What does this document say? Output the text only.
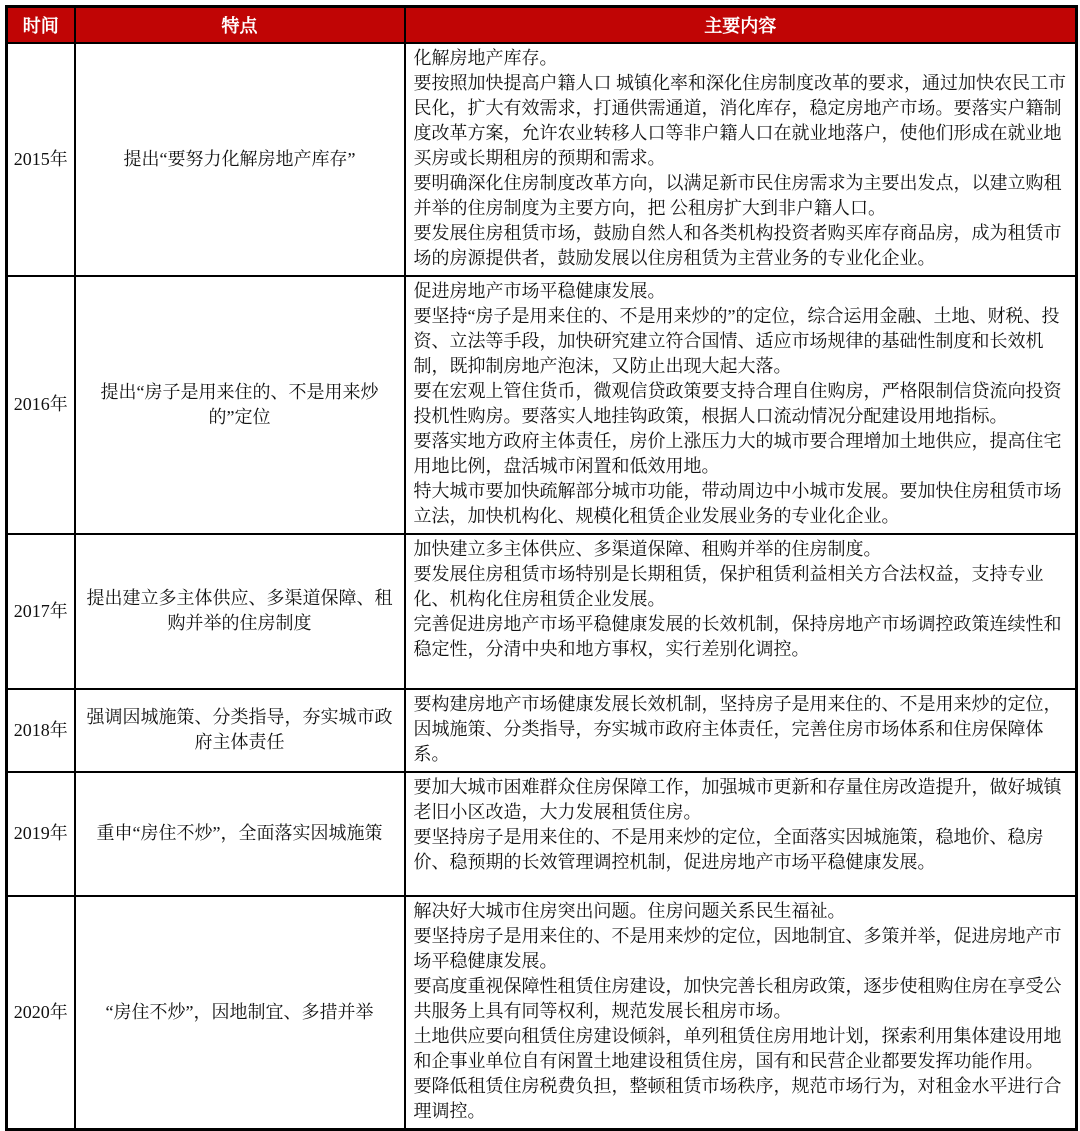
时间	特点	主要内容
2015年	提出“要努力化解房地产库存”	化解房地产库存。

要按照加快提高户籍人口 城镇化率和深化住房制度改革的要求，通过加快农民工市民化，扩大有效需求，打通供需通道，消化库存，稳定房地产市场。要落实户籍制度改革方案，允许农业转移人口等非户籍人口在就业地落户，使他们形成在就业地买房或长期租房的预期和需求。

要明确深化住房制度改革方向，以满足新市民住房需求为主要出发点，以建立购租并举的住房制度为主要方向，把 公租房扩大到非户籍人口。

要发展住房租赁市场，鼓励自然人和各类机构投资者购买库存商品房，成为租赁市场的房源提供者，鼓励发展以住房租赁为主营业务的专业化企业。

2016年	提出“房子是用来住的、不是用来炒的”定位	促进房地产市场平稳健康发展。

要坚持“房子是用来住的、不是用来炒的”的定位，综合运用金融、土地、财税、投资、立法等手段，加快研究建立符合国情、适应市场规律的基础性制度和长效机制，既抑制房地产泡沫，又防止出现大起大落。

要在宏观上管住货币，微观信贷政策要支持合理自住购房，严格限制信贷流向投资投机性购房。要落实人地挂钩政策，根据人口流动情况分配建设用地指标。

要落实地方政府主体责任，房价上涨压力大的城市要合理增加土地供应，提高住宅用地比例，盘活城市闲置和低效用地。

特大城市要加快疏解部分城市功能，带动周边中小城市发展。要加快住房租赁市场立法，加快机构化、规模化租赁企业发展业务的专业化企业。

2017年	提出建立多主体供应、多渠道保障、租购并举的住房制度	加快建立多主体供应、多渠道保障、租购并举的住房制度。

要发展住房租赁市场特别是长期租赁，保护租赁利益相关方合法权益，支持专业化、机构化住房租赁企业发展。

完善促进房地产市场平稳健康发展的长效机制，保持房地产市场调控政策连续性和稳定性，分清中央和地方事权，实行差别化调控。

2018年	强调因城施策、分类指导，夯实城市政府主体责任	要构建房地产市场健康发展长效机制，坚持房子是用来住的、不是用来炒的定位，因城施策、分类指导，夯实城市政府主体责任，完善住房市场体系和住房保障体系。

2019年	重申“房住不炒”，全面落实因城施策	要加大城市困难群众住房保障工作，加强城市更新和存量住房改造提升，做好城镇老旧小区改造，大力发展租赁住房。

要坚持房子是用来住的、不是用来炒的定位，全面落实因城施策，稳地价、稳房价、稳预期的长效管理调控机制，促进房地产市场平稳健康发展。

2020年	“房住不炒”，因地制宜、多措并举	解决好大城市住房突出问题。住房问题关系民生福祉。

要坚持房子是用来住的、不是用来炒的定位，因地制宜、多策并举，促进房地产市场平稳健康发展。

要高度重视保障性租赁住房建设，加快完善长租房政策，逐步使租购住房在享受公共服务上具有同等权利，规范发展长租房市场。

土地供应要向租赁住房建设倾斜，单列租赁住房用地计划，探索利用集体建设用地和企事业单位自有闲置土地建设租赁住房，国有和民营企业都要发挥功能作用。

要降低租赁住房税费负担，整顿租赁市场秩序，规范市场行为，对租金水平进行合理调控。
